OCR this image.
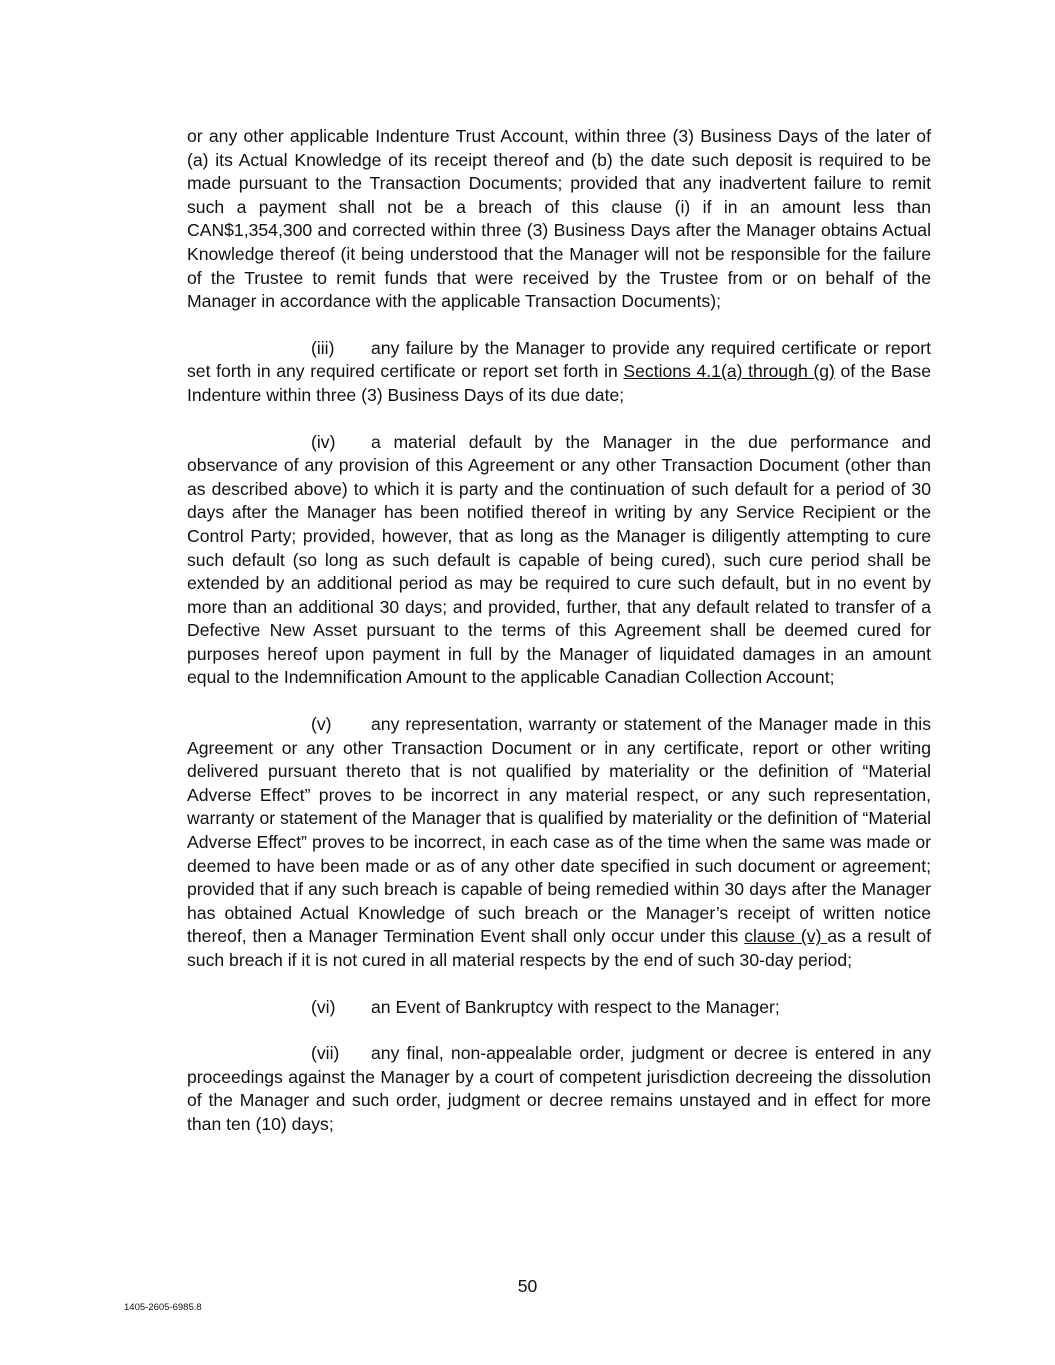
or any other applicable Indenture Trust Account, within three (3) Business Days of the later of (a) its Actual Knowledge of its receipt thereof and (b) the date such deposit is required to be made pursuant to the Transaction Documents; provided that any inadvertent failure to remit such a payment shall not be a breach of this clause (i) if in an amount less than CAN$1,354,300 and corrected within three (3) Business Days after the Manager obtains Actual Knowledge thereof (it being understood that the Manager will not be responsible for the failure of the Trustee to remit funds that were received by the Trustee from or on behalf of the Manager in accordance with the applicable Transaction Documents);

(iii) any failure by the Manager to provide any required certificate or report set forth in any required certificate or report set forth in Sections 4.1(a) through (g) of the Base Indenture within three (3) Business Days of its due date;

(iv) a material default by the Manager in the due performance and observance of any provision of this Agreement or any other Transaction Document (other than as described above) to which it is party and the continuation of such default for a period of 30 days after the Manager has been notified thereof in writing by any Service Recipient or the Control Party; provided, however, that as long as the Manager is diligently attempting to cure such default (so long as such default is capable of being cured), such cure period shall be extended by an additional period as may be required to cure such default, but in no event by more than an additional 30 days; and provided, further, that any default related to transfer of a Defective New Asset pursuant to the terms of this Agreement shall be deemed cured for purposes hereof upon payment in full by the Manager of liquidated damages in an amount equal to the Indemnification Amount to the applicable Canadian Collection Account;

(v) any representation, warranty or statement of the Manager made in this Agreement or any other Transaction Document or in any certificate, report or other writing delivered pursuant thereto that is not qualified by materiality or the definition of “Material Adverse Effect” proves to be incorrect in any material respect, or any such representation, warranty or statement of the Manager that is qualified by materiality or the definition of “Material Adverse Effect” proves to be incorrect, in each case as of the time when the same was made or deemed to have been made or as of any other date specified in such document or agreement; provided that if any such breach is capable of being remedied within 30 days after the Manager has obtained Actual Knowledge of such breach or the Manager’s receipt of written notice thereof, then a Manager Termination Event shall only occur under this clause (v) as a result of such breach if it is not cured in all material respects by the end of such 30-day period;

(vi) an Event of Bankruptcy with respect to the Manager;

(vii) any final, non-appealable order, judgment or decree is entered in any proceedings against the Manager by a court of competent jurisdiction decreeing the dissolution of the Manager and such order, judgment or decree remains unstayed and in effect for more than ten (10) days;

50
1405-2605-6985.8
